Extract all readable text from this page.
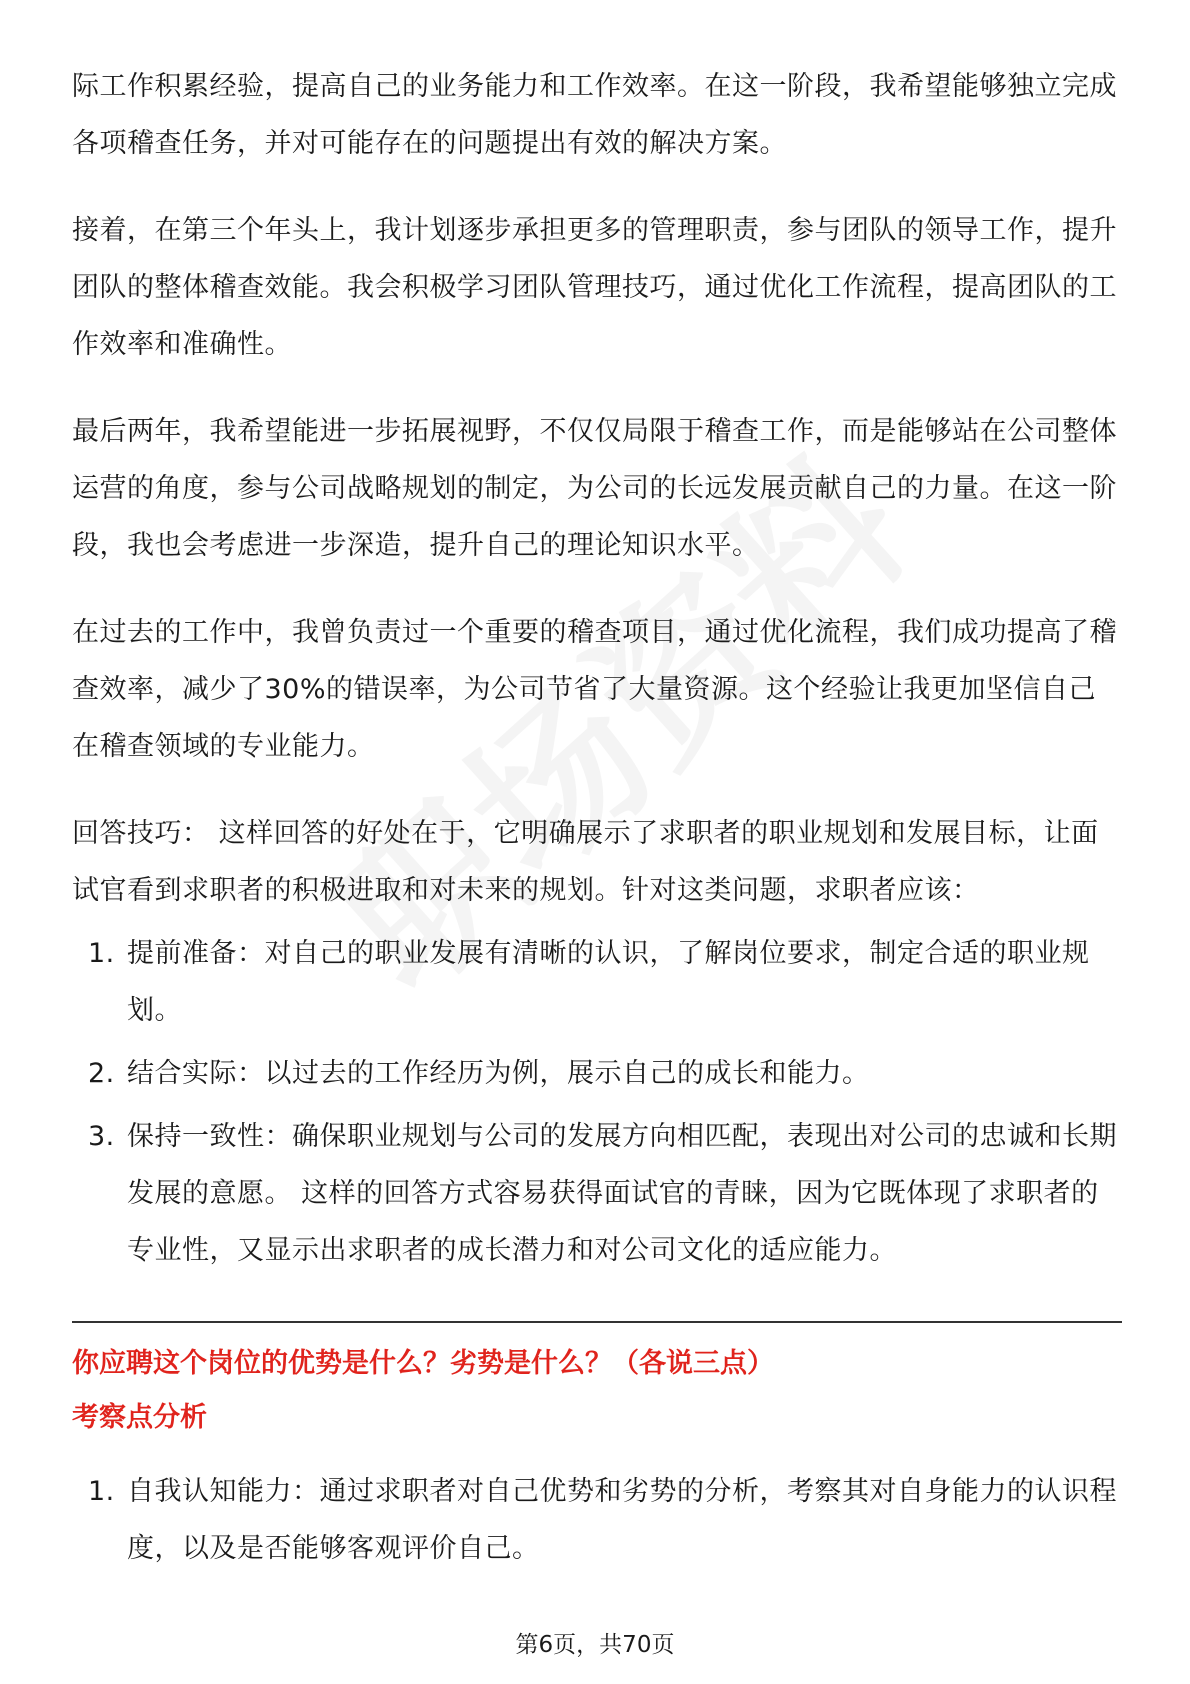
际工作积累经验，提高自己的业务能力和工作效率。在这一阶段，我希望能够独立完成各项稽查任务，并对可能存在的问题提出有效的解决方案。

接着，在第三个年头上，我计划逐步承担更多的管理职责，参与团队的领导工作，提升团队的整体稽查效能。我会积极学习团队管理技巧，通过优化工作流程，提高团队的工作效率和准确性。

最后两年，我希望能进一步拓展视野，不仅仅局限于稽查工作，而是能够站在公司整体运营的角度，参与公司战略规划的制定，为公司的长远发展贡献自己的力量。在这一阶段，我也会考虑进一步深造，提升自己的理论知识水平。

在过去的工作中，我曾负责过一个重要的稽查项目，通过优化流程，我们成功提高了稽查效率，减少了30%的错误率，为公司节省了大量资源。这个经验让我更加坚信自己在稽查领域的专业能力。

回答技巧： 这样回答的好处在于，它明确展示了求职者的职业规划和发展目标，让面试官看到求职者的积极进取和对未来的规划。针对这类问题，求职者应该：

1. 提前准备：对自己的职业发展有清晰的认识，了解岗位要求，制定合适的职业规划。
2. 结合实际：以过去的工作经历为例，展示自己的成长和能力。
3. 保持一致性：确保职业规划与公司的发展方向相匹配，表现出对公司的忠诚和长期发展的意愿。 这样的回答方式容易获得面试官的青睐，因为它既体现了求职者的专业性，又显示出求职者的成长潜力和对公司文化的适应能力。
你应聘这个岗位的优势是什么？劣势是什么？（各说三点）
考察点分析
1. 自我认知能力：通过求职者对自己优势和劣势的分析，考察其对自身能力的认识程度，以及是否能够客观评价自己。
第6页，共70页
